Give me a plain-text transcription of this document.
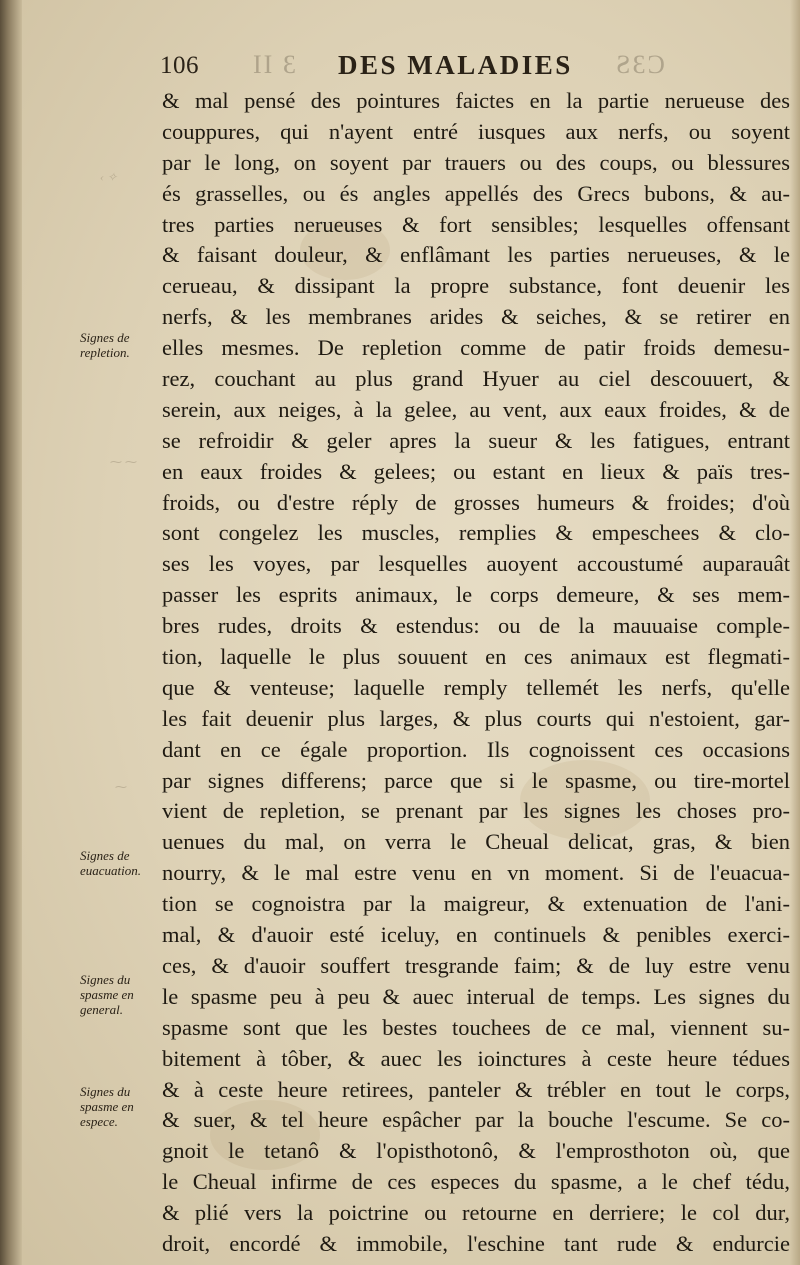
‹ ✧
⁓ ⁓
⁓
106 II Ɛ DES MALADIES ƧƐƆ
Signes de repletion.
Signes de euacuation.
Signes du spasme en general.
Signes du spasme en espece.
& mal pensé des pointures faictes en la partie nerueuse des
couppures, qui n'ayent entré iusques aux nerfs, ou soyent
par le long, on soyent par trauers ou des coups, ou blessures
és grasselles, ou és angles appellés des Grecs bubons, & au-
tres parties nerueuses & fort sensibles; lesquelles offensant
& faisant douleur, & enflâmant les parties nerueuses, & le
cerueau, & dissipant la propre substance, font deuenir les
nerfs, & les membranes arides & seiches, & se retirer en
elles mesmes. De repletion comme de patir froids demesu-
rez, couchant au plus grand Hyuer au ciel descouuert, &
serein, aux neiges, à la gelee, au vent, aux eaux froides, & de
se refroidir & geler apres la sueur & les fatigues, entrant
en eaux froides & gelees; ou estant en lieux & païs tres-
froids, ou d'estre réply de grosses humeurs & froides; d'où
sont congelez les muscles, remplies & empeschees & clo-
ses les voyes, par lesquelles auoyent accoustumé auparauât
passer les esprits animaux, le corps demeure, & ses mem-
bres rudes, droits & estendus: ou de la mauuaise comple-
tion, laquelle le plus souuent en ces animaux est flegmati-
que & venteuse; laquelle remply tellemét les nerfs, qu'elle
les fait deuenir plus larges, & plus courts qui n'estoient, gar-
dant en ce égale proportion. Ils cognoissent ces occasions
par signes differens; parce que si le spasme, ou tire-mortel
vient de repletion, se prenant par les signes les choses pro-
uenues du mal, on verra le Cheual delicat, gras, & bien
nourry, & le mal estre venu en vn moment. Si de l'euacua-
tion se cognoistra par la maigreur, & extenuation de l'ani-
mal, & d'auoir esté iceluy, en continuels & penibles exerci-
ces, & d'auoir souffert tresgrande faim; & de luy estre venu
le spasme peu à peu & auec interual de temps. Les signes du
spasme sont que les bestes touchees de ce mal, viennent su-
bitement à tôber, & auec les ioinctures à ceste heure tédues
& à ceste heure retirees, panteler & trébler en tout le corps,
& suer, & tel heure espâcher par la bouche l'escume. Se co-
gnoit le tetanô & l'opisthotonô, & l'emprosthoton où, que
le Cheual infirme de ces especes du spasme, a le chef tédu,
& plié vers la poictrine ou retourne en derriere; le col dur,
droit, encordé & immobile, l'eschine tant rude & endurcie
